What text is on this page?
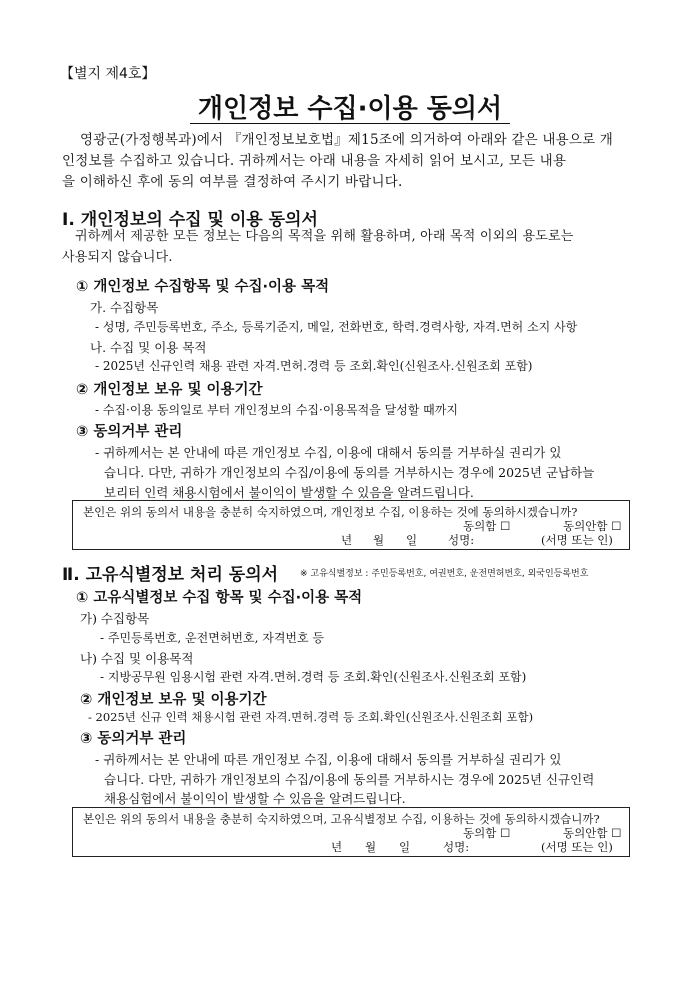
【별지 제4호】
개인정보 수집·이용 동의서
영광군(가정행복과)에서 『개인정보보호법』제15조에 의거하여 아래와 같은 내용으로 개
인정보를 수집하고 있습니다. 귀하께서는 아래 내용을 자세히 읽어 보시고, 모든 내용
을 이해하신 후에 동의 여부를 결정하여 주시기 바랍니다.
Ⅰ. 개인정보의 수집 및 이용 동의서
귀하께서 제공한 모든 정보는 다음의 목적을 위해 활용하며, 아래 목적 이외의 용도로는
사용되지 않습니다.
① 개인정보 수집항목 및 수집·이용 목적
가. 수집항목
- 성명, 주민등록번호, 주소, 등록기준지, 메일, 전화번호, 학력.경력사항, 자격.면허 소지 사항
나. 수집 및 이용 목적
- 2025년 신규인력 채용 관련 자격.면허.경력 등 조회.확인(신원조사.신원조회 포함)
② 개인정보 보유 및 이용기간
- 수집·이용 동의일로 부터 개인정보의 수집·이용목적을 달성할 때까지
③ 동의거부 관리
- 귀하께서는 본 안내에 따른 개인정보 수집, 이용에 대해서 동의를 거부하실 권리가 있
습니다. 다만, 귀하가 개인정보의 수집/이용에 동의를 거부하시는 경우에 2025년 군납하늘
보리터 인력 채용시험에서 불이익이 발생할 수 있음을 알려드립니다.
본인은 위의 동의서 내용을 충분히 숙지하였으며, 개인정보 수집, 이용하는 것에 동의하시겠습니까?
동의함 ☐	동의안함 ☐
년 월 일	성명:	(서명 또는 인)
Ⅱ. 고유식별정보 처리 동의서 ※ 고유식별정보 : 주민등록번호, 여권번호, 운전면허번호, 외국인등록번호
① 고유식별정보 수집 항목 및 수집·이용 목적
가) 수집항목
- 주민등록번호, 운전면허번호, 자격번호 등
나) 수집 및 이용목적
- 지방공무원 임용시험 관련 자격.면허.경력 등 조회.확인(신원조사.신원조회 포함)
② 개인정보 보유 및 이용기간
- 2025년 신규 인력 채용시험 관련 자격.면허.경력 등 조회.확인(신원조사.신원조회 포함)
③ 동의거부 관리
- 귀하께서는 본 안내에 따른 개인정보 수집, 이용에 대해서 동의를 거부하실 권리가 있
습니다. 다만, 귀하가 개인정보의 수집/이용에 동의를 거부하시는 경우에 2025년 신규인력
채용심험에서 불이익이 발생할 수 있음을 알려드립니다.
본인은 위의 동의서 내용을 충분히 숙지하였으며, 고유식별정보 수집, 이용하는 것에 동의하시겠습니까?
동의함 ☐	동의안함 ☐
년 월 일	성명:	(서명 또는 인)
